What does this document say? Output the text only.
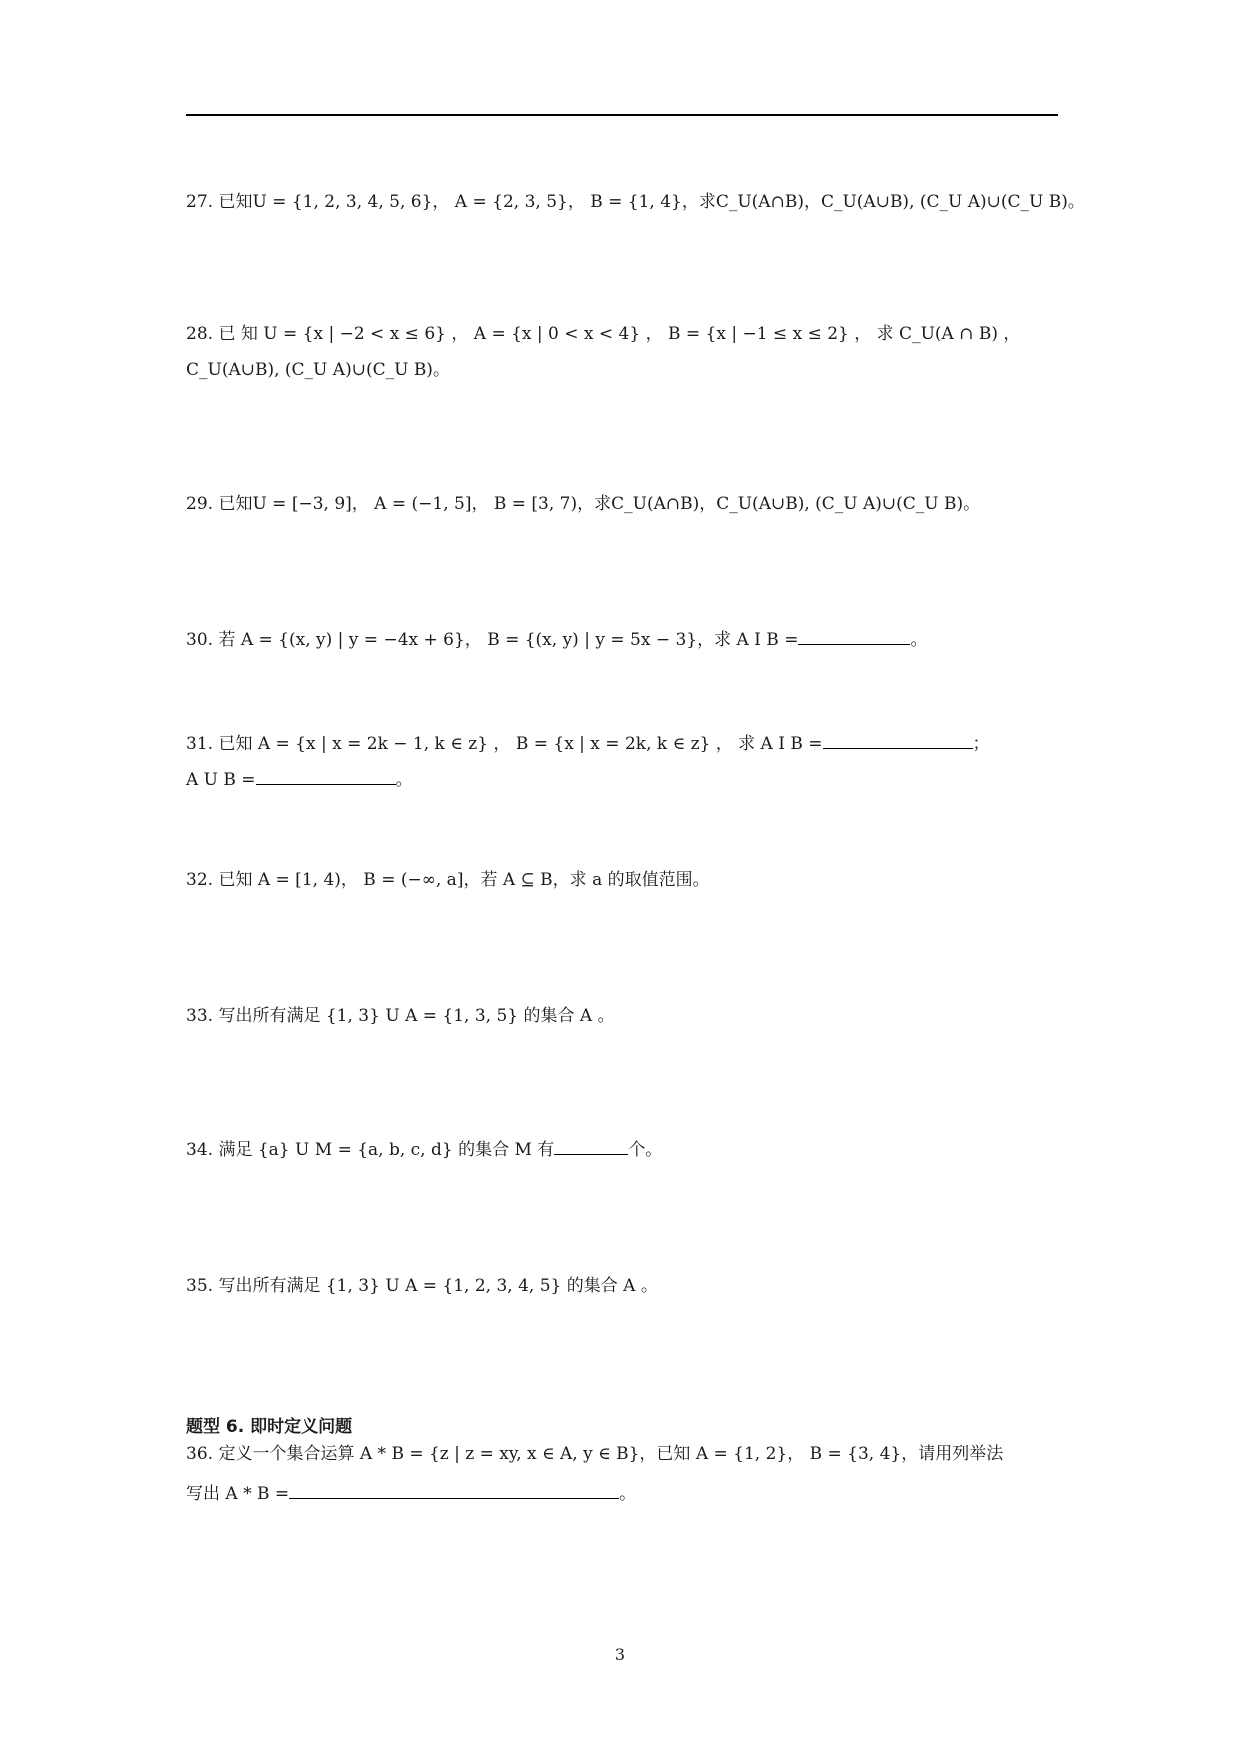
27. 已知U = {1, 2, 3, 4, 5, 6}， A = {2, 3, 5}， B = {1, 4}，求C_U(A∩B)，C_U(A∪B), (C_U A)∪(C_U B)。
28. 已 知 U = {x | −2 < x ≤ 6} ， A = {x | 0 < x < 4} ， B = {x | −1 ≤ x ≤ 2} ， 求 C_U(A ∩ B) ，
C_U(A∪B), (C_U A)∪(C_U B)。
29. 已知U = [−3, 9]， A = (−1, 5]， B = [3, 7)，求C_U(A∩B)，C_U(A∪B), (C_U A)∪(C_U B)。
30. 若 A = {(x, y) | y = −4x + 6}， B = {(x, y) | y = 5x − 3}，求 A I B =	。
31. 已知 A = {x | x = 2k − 1, k ∈ z} ， B = {x | x = 2k, k ∈ z} ， 求 A I B =	；
A U B =	。
32. 已知 A = [1, 4)， B = (−∞, a]，若 A ⊆ B，求 a 的取值范围。
33. 写出所有满足 {1, 3} U A = {1, 3, 5} 的集合 A 。
34. 满足 {a} U M = {a, b, c, d} 的集合 M 有	个。
35. 写出所有满足 {1, 3} U A = {1, 2, 3, 4, 5} 的集合 A 。
题型 6. 即时定义问题
36. 定义一个集合运算 A * B = {z | z = xy, x ∈ A, y ∈ B}，已知 A = {1, 2}， B = {3, 4}，请用列举法
写出 A * B =	。
3
